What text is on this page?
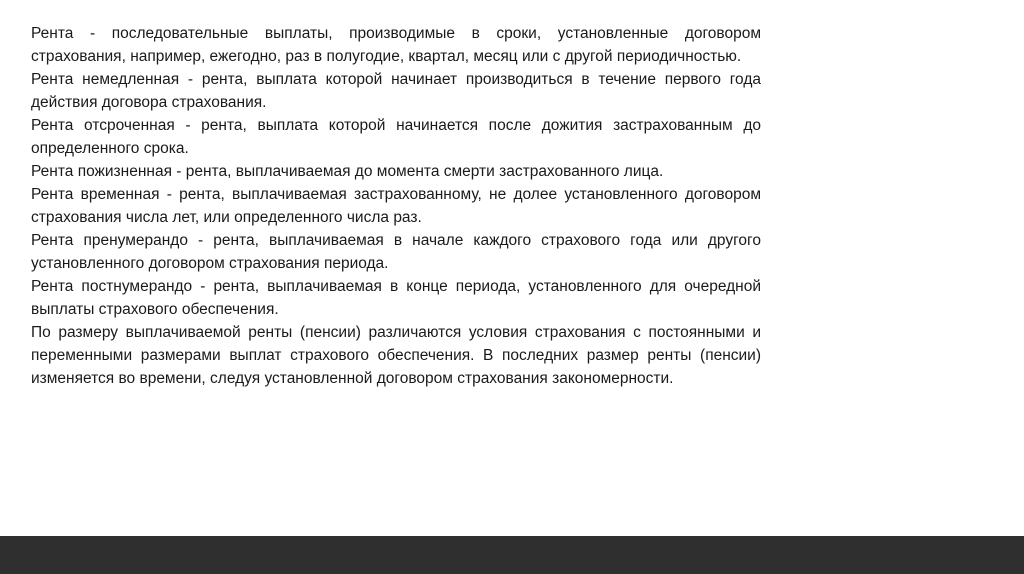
Рента - последовательные выплаты, производимые в сроки, установленные договором страхования, например, ежегодно, раз в полугодие, квартал, месяц или с другой периодичностью.

Рента немедленная - рента, выплата которой начинает производиться в течение первого года действия договора страхования.

Рента отсроченная - рента, выплата которой начинается после дожития застрахованным до определенного срока.

Рента пожизненная - рента, выплачиваемая до момента смерти застрахованного лица.

Рента временная - рента, выплачиваемая застрахованному, не долее установленного договором страхования числа лет, или определенного числа раз.

Рента пренумерандо - рента, выплачиваемая в начале каждого страхового года или другого установленного договором страхования периода.

Рента постнумерандо - рента, выплачиваемая в конце периода, установленного для очередной выплаты страхового обеспечения.

По размеру выплачиваемой ренты (пенсии) различаются условия страхования с постоянными и переменными размерами выплат страхового обеспечения. В последних размер ренты (пенсии) изменяется во времени, следуя установленной договором страхования закономерности.
